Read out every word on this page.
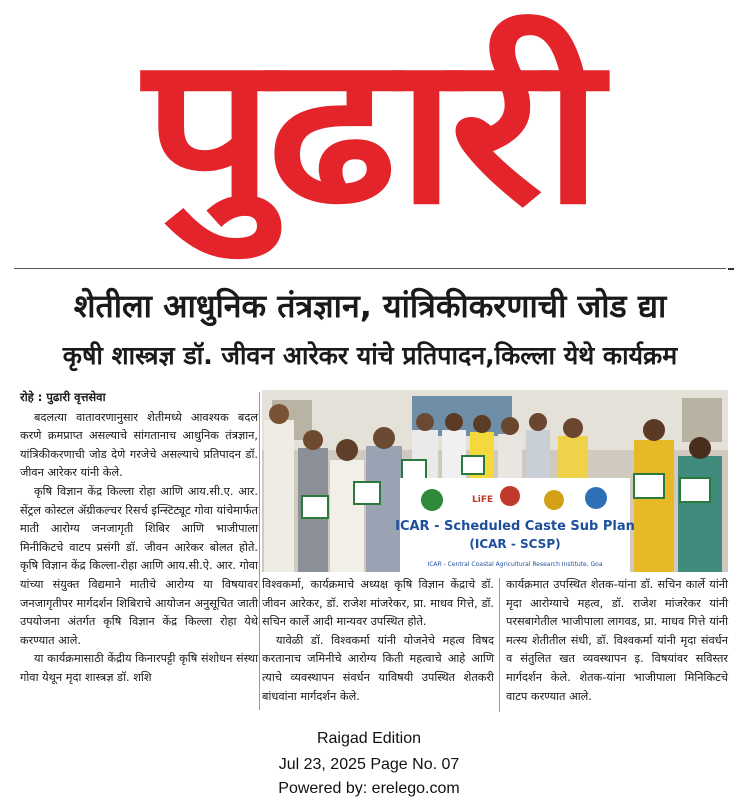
पुढारी
शेतीला आधुनिक तंत्रज्ञान, यांत्रिकीकरणाची जोड द्या
कृषी शास्त्रज्ञ डॉ. जीवन आरेकर यांचे प्रतिपादन,किल्ला येथे कार्यक्रम
रोहे : पुढारी वृत्तसेवा

बदलत्या वातावरणानुसार शेतीमध्ये आवश्यक बदल करणे क्रमप्राप्त असल्याचे सांगतानाच आधुनिक तंत्रज्ञान, यांत्रिकीकरणाची जोड देणे गरजेचे असल्याचे प्रतिपादन डॉ. जीवन आरेकर यांनी केले.

कृषि विज्ञान केंद्र किल्ला रोहा आणि आय.सी.ए. आर. सेंट्रल कोस्टल ॲग्रीकल्चर रिसर्च इन्स्टिट्यूट गोवा यांचेमार्फत माती आरोग्य जनजागृती शिबिर आणि भाजीपाला मिनीकिटचे वाटप प्रसंगी डॉ. जीवन आरेकर बोलत होते. कृषि विज्ञान केंद्र किल्ला-रोहा आणि आय.सी.ऐ. आर. गोवा यांच्या संयुक्त विद्यमाने मातीचे आरोग्य या विषयावर जनजागृतीपर मार्गदर्शन शिबिराचे आयोजन अनुसूचित जाती उपयोजना अंतर्गत कृषि विज्ञान केंद्र किल्ला रोहा येथे करण्यात आले.

या कार्यक्रमासाठी केंद्रीय किनारपट्टी कृषि संशोधन संस्था गोवा येथून मृदा शास्त्रज्ञ डॉ. शशि

LiFE
ICAR - Scheduled Caste Sub Plan
(ICAR - SCSP)
ICAR - Central Coastal Agricultural Research Institute, Goa

विश्वकर्मा, कार्यक्रमाचे अध्यक्ष कृषि विज्ञान केंद्राचे डॉ. जीवन आरेकर, डॉ. राजेश मांजरेकर, प्रा. माधव गित्ते, डॉ. सचिन कार्ले आदी मान्यवर उपस्थित होते.

यावेळी डॉ. विश्वकर्मा यांनी योजनेचे महत्व विषद करतानाच जमिनीचे आरोग्य किती महत्वाचे आहे आणि त्याचे व्यवस्थापन संवर्धन याविषयी उपस्थित शेतकरी बांधवांना मार्गदर्शन केले.

कार्यक्रमात उपस्थित शेतक-यांना डॉ. सचिन कार्ले यांनी मृदा आरोग्याचे महत्व, डॉ. राजेश मांजरेकर यांनी परसबागेतील भाजीपाला लागवड, प्रा. माधव गित्ते यांनी मत्स्य शेतीतील संधी, डॉ. विश्वकर्मा यांनी मृदा संवर्धन व संतुलित खत व्यवस्थापन इ. विषयांवर सविस्तर मार्गदर्शन केले. शेतक-यांना भाजीपाला मिनिकिटचे वाटप करण्यात आले.

Raigad Edition
Jul 23, 2025 Page No. 07
Powered by: erelego.com
